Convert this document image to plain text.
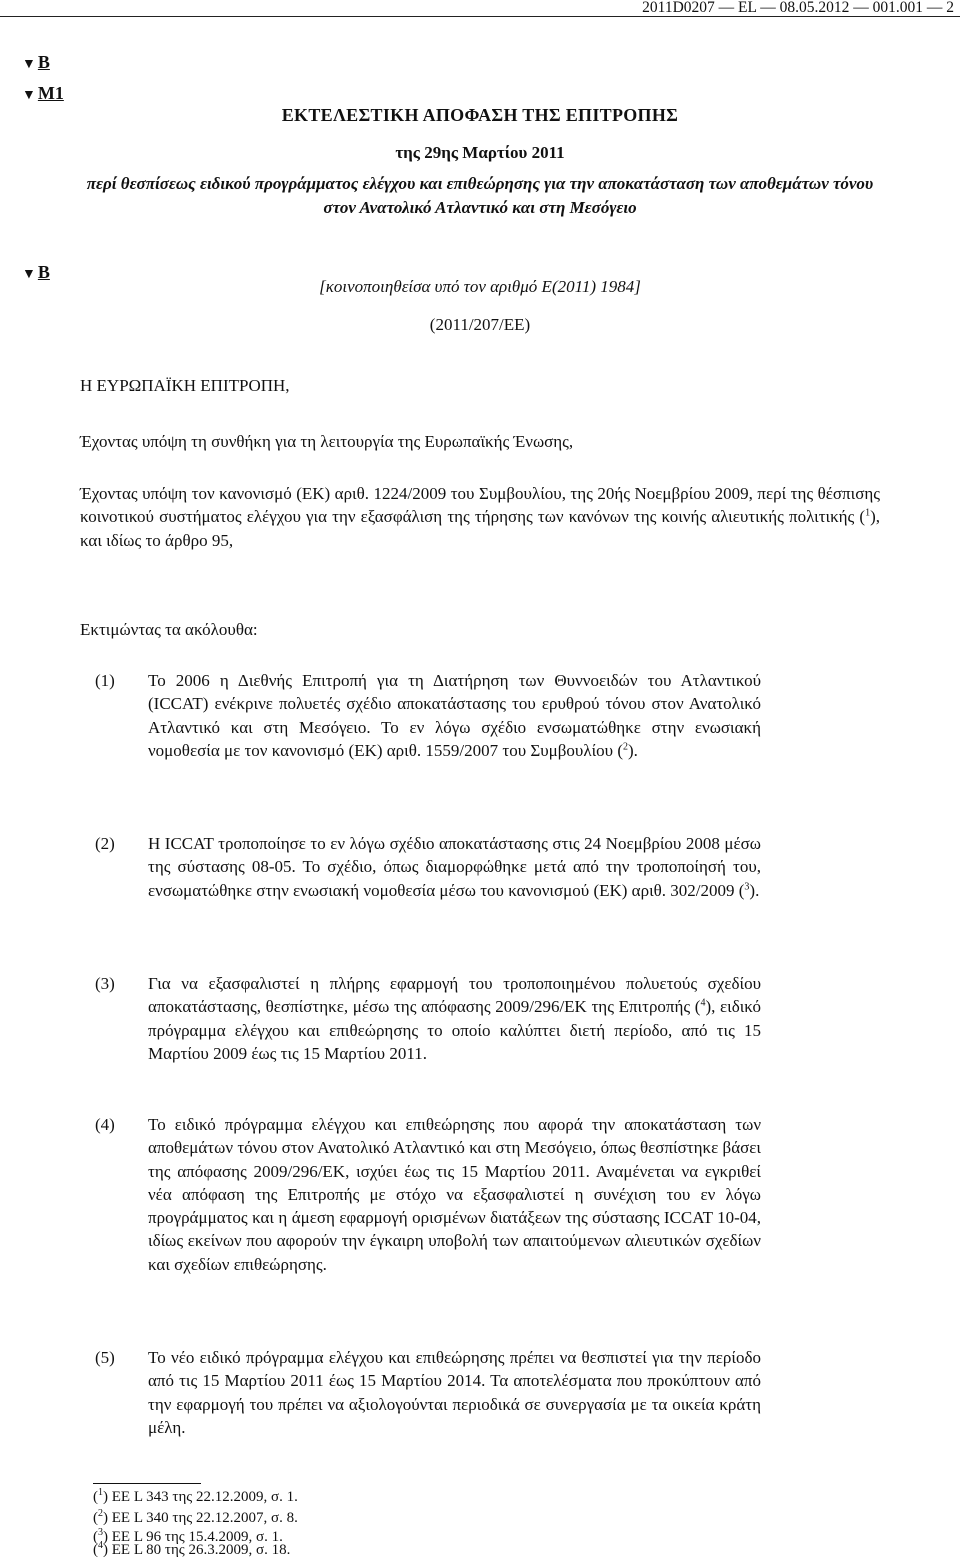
2011D0207 — EL — 08.05.2012 — 001.001 — 2
▼ B
▼ M1
▼ B
ΕΚΤΕΛΕΣΤΙΚΗ ΑΠΟΦΑΣΗ ΤΗΣ ΕΠΙΤΡΟΠΗΣ
της 29ης Μαρτίου 2011
περί θεσπίσεως ειδικού προγράμματος ελέγχου και επιθεώρησης για την αποκατάσταση των αποθεμάτων τόνου στον Ανατολικό Ατλαντικό και στη Μεσόγειο
[κοινοποιηθείσα υπό τον αριθμό Ε(2011) 1984]
(2011/207/ΕΕ)
Η ΕΥΡΩΠΑΪΚΗ ΕΠΙΤΡΟΠΗ,
Έχοντας υπόψη τη συνθήκη για τη λειτουργία της Ευρωπαϊκής Ένωσης,
Έχοντας υπόψη τον κανονισμό (ΕΚ) αριθ. 1224/2009 του Συμβουλίου, της 20ής Νοεμβρίου 2009, περί της θέσπισης κοινοτικού συστήματος ελέγχου για την εξασφάλιση της τήρησης των κανόνων της κοινής αλιευτικής πολιτικής ($^1$), και ιδίως το άρθρο 95,
Εκτιμώντας τα ακόλουθα:
(1) Το 2006 η Διεθνής Επιτροπή για τη Διατήρηση των Θυννοειδών του Ατλαντικού (ICCAT) ενέκρινε πολυετές σχέδιο αποκατάστασης του ερυθρού τόνου στον Ανατολικό Ατλαντικό και στη Μεσόγειο. Το εν λόγω σχέδιο ενσωματώθηκε στην ενωσιακή νομοθεσία με τον κανονισμό (ΕΚ) αριθ. 1559/2007 του Συμβουλίου ($^2$).
(2) Η ICCAT τροποποίησε το εν λόγω σχέδιο αποκατάστασης στις 24 Νοεμβρίου 2008 μέσω της σύστασης 08-05. Το σχέδιο, όπως διαμορφώθηκε μετά από την τροποποίησή του, ενσωματώθηκε στην ενωσιακή νομοθεσία μέσω του κανονισμού (ΕΚ) αριθ. 302/2009 ($^3$).
(3) Για να εξασφαλιστεί η πλήρης εφαρμογή του τροποποιημένου πολυετούς σχεδίου αποκατάστασης, θεσπίστηκε, μέσω της απόφασης 2009/296/ΕΚ της Επιτροπής ($^4$), ειδικό πρόγραμμα ελέγχου και επιθεώρησης το οποίο καλύπτει διετή περίοδο, από τις 15 Μαρτίου 2009 έως τις 15 Μαρτίου 2011.
(4) Το ειδικό πρόγραμμα ελέγχου και επιθεώρησης που αφορά την αποκατάσταση των αποθεμάτων τόνου στον Ανατολικό Ατλαντικό και στη Μεσόγειο, όπως θεσπίστηκε βάσει της απόφασης 2009/296/ΕΚ, ισχύει έως τις 15 Μαρτίου 2011. Αναμένεται να εγκριθεί νέα απόφαση της Επιτροπής με στόχο να εξασφαλιστεί η συνέχιση του εν λόγω προγράμματος και η άμεση εφαρμογή ορισμένων διατάξεων της σύστασης ICCAT 10-04, ιδίως εκείνων που αφορούν την έγκαιρη υποβολή των απαιτούμενων αλιευτικών σχεδίων και σχεδίων επιθεώρησης.
(5) Το νέο ειδικό πρόγραμμα ελέγχου και επιθεώρησης πρέπει να θεσπιστεί για την περίοδο από τις 15 Μαρτίου 2011 έως 15 Μαρτίου 2014. Τα αποτελέσματα που προκύπτουν από την εφαρμογή του πρέπει να αξιολογούνται περιοδικά σε συνεργασία με τα οικεία κράτη μέλη.
($^1$) ΕΕ L 343 της 22.12.2009, σ. 1.
($^2$) ΕΕ L 340 της 22.12.2007, σ. 8.
($^3$) ΕΕ L 96 της 15.4.2009, σ. 1.
($^4$) ΕΕ L 80 της 26.3.2009, σ. 18.
